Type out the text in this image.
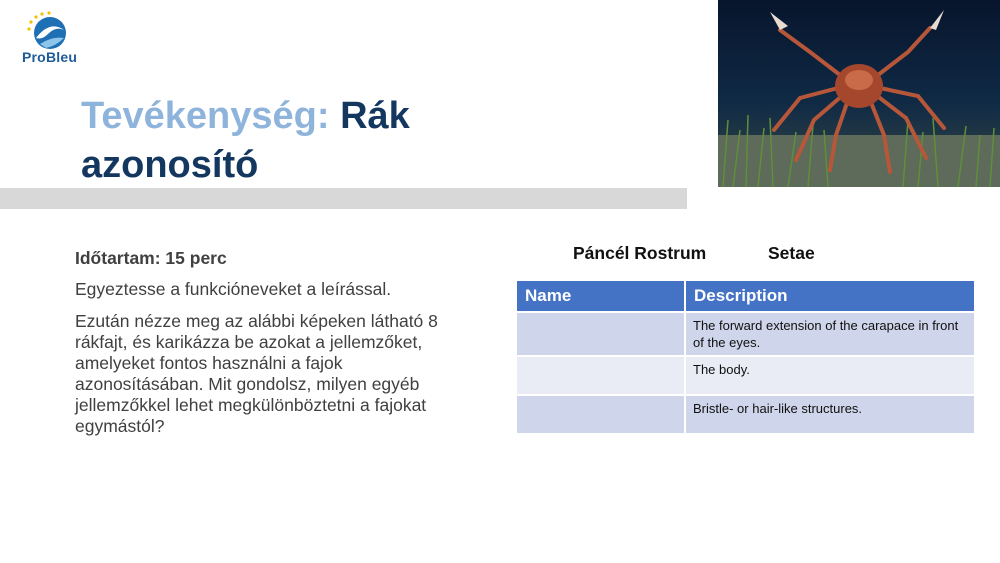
ProBleu
Tevékenység: Rák azonosító

Időtartam: 15 perc

Egyeztesse a funkcióneveket a leírással.

Ezután nézze meg az alábbi képeken látható 8 rákfajt, és karikázza be azokat a jellemzőket, amelyeket fontos használni a fajok azonosításában. Mit gondolsz, milyen egyéb jellemzőkkel lehet megkülönböztetni a fajokat egymástól?

Páncél Rostrum	Setae
Name	Description
	The forward extension of the carapace in front of the eyes.
	The body.
	Bristle- or hair-like structures.
